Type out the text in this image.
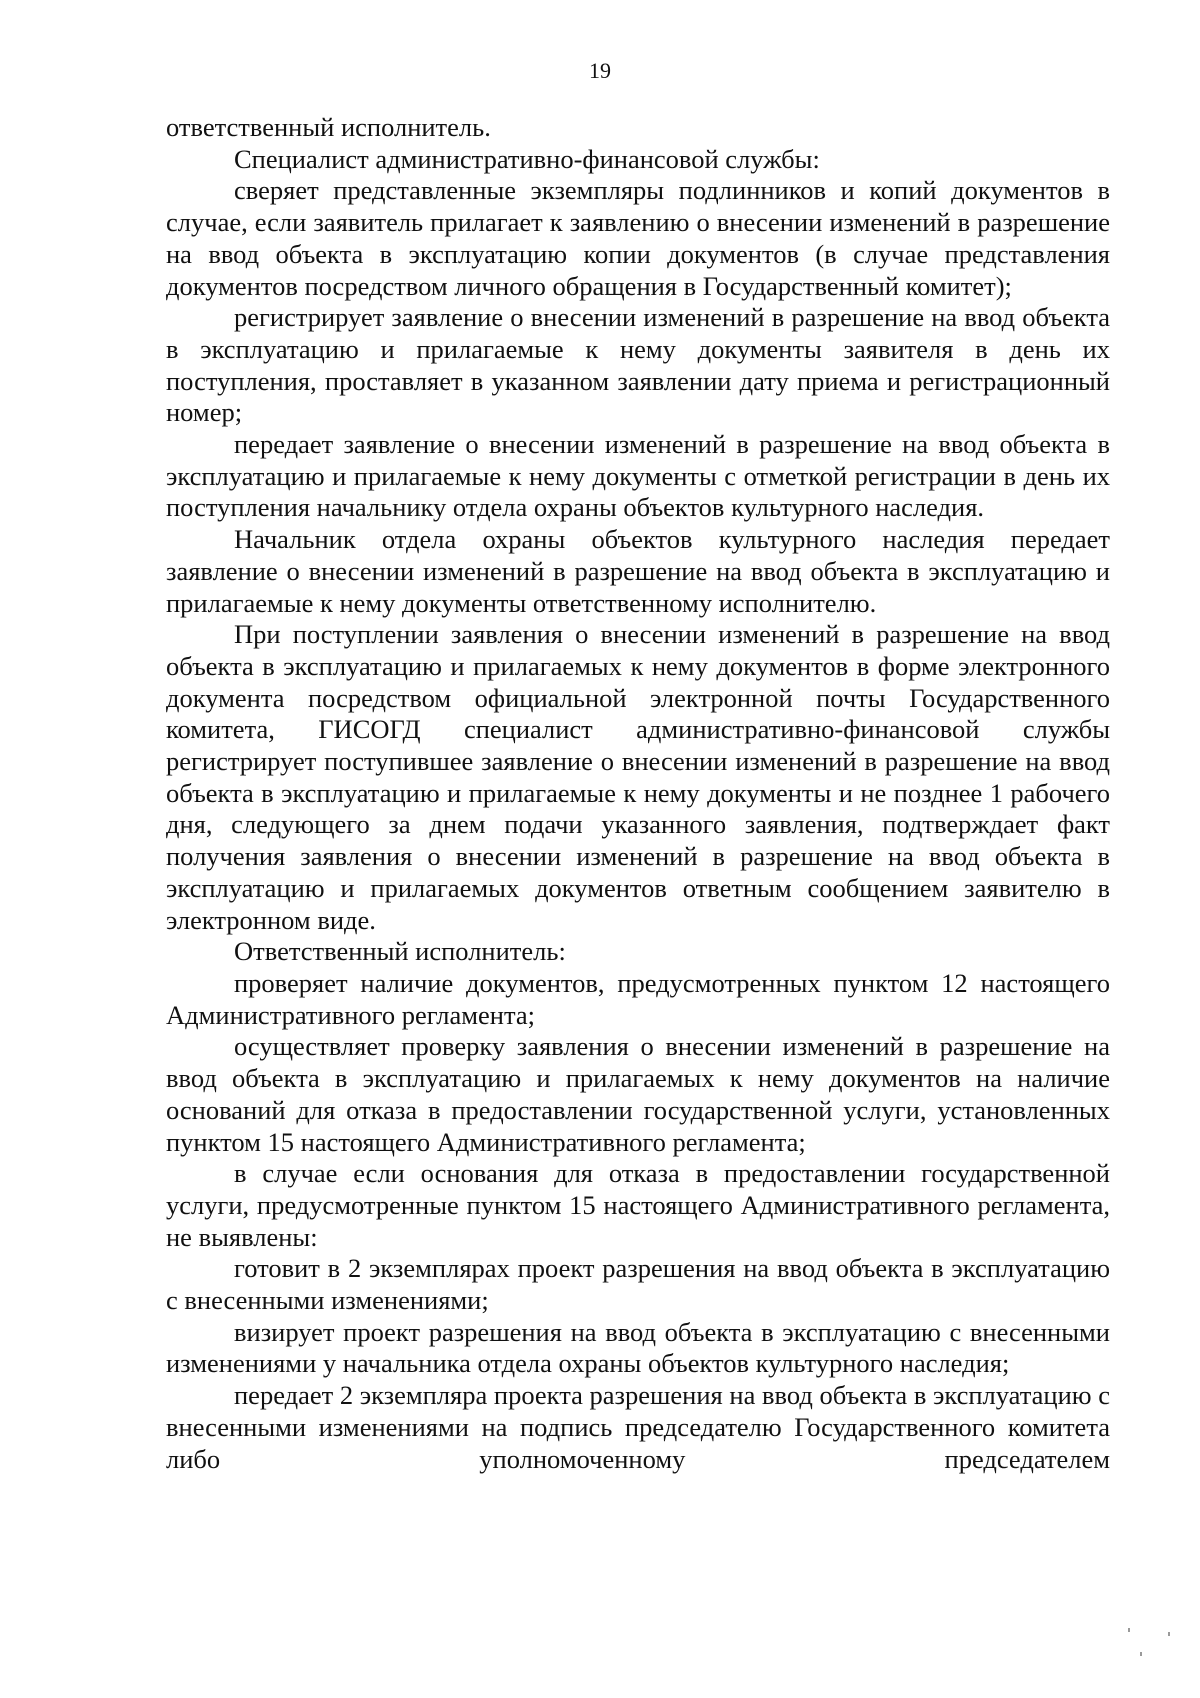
19

ответственный исполнитель.

Специалист административно-финансовой службы:

сверяет представленные экземпляры подлинников и копий документов в случае, если заявитель прилагает к заявлению о внесении изменений в разрешение на ввод объекта в эксплуатацию копии документов (в случае представления документов посредством личного обращения в Государственный комитет);

регистрирует заявление о внесении изменений в разрешение на ввод объекта в эксплуатацию и прилагаемые к нему документы заявителя в день их поступления, проставляет в указанном заявлении дату приема и регистрационный номер;

передает заявление о внесении изменений в разрешение на ввод объекта в эксплуатацию и прилагаемые к нему документы с отметкой регистрации в день их поступления начальнику отдела охраны объектов культурного наследия.

Начальник отдела охраны объектов культурного наследия передает заявление о внесении изменений в разрешение на ввод объекта в эксплуатацию и прилагаемые к нему документы ответственному исполнителю.

При поступлении заявления о внесении изменений в разрешение на ввод объекта в эксплуатацию и прилагаемых к нему документов в форме электронного документа посредством официальной электронной почты Государственного комитета, ГИСОГД специалист административно-финансовой службы регистрирует поступившее заявление о внесении изменений в разрешение на ввод объекта в эксплуатацию и прилагаемые к нему документы и не позднее 1 рабочего дня, следующего за днем подачи указанного заявления, подтверждает факт получения заявления о внесении изменений в разрешение на ввод объекта в эксплуатацию и прилагаемых документов ответным сообщением заявителю в электронном виде.

Ответственный исполнитель:

проверяет наличие документов, предусмотренных пунктом 12 настоящего Административного регламента;

осуществляет проверку заявления о внесении изменений в разрешение на ввод объекта в эксплуатацию и прилагаемых к нему документов на наличие оснований для отказа в предоставлении государственной услуги, установленных пунктом 15 настоящего Административного регламента;

в случае если основания для отказа в предоставлении государственной услуги, предусмотренные пунктом 15 настоящего Административного регламента, не выявлены:

готовит в 2 экземплярах проект разрешения на ввод объекта в эксплуатацию с внесенными изменениями;

визирует проект разрешения на ввод объекта в эксплуатацию с внесенными изменениями у начальника отдела охраны объектов культурного наследия;

передает 2 экземпляра проекта разрешения на ввод объекта в эксплуатацию с внесенными изменениями на подпись председателю Государственного комитета либо уполномоченному председателем
